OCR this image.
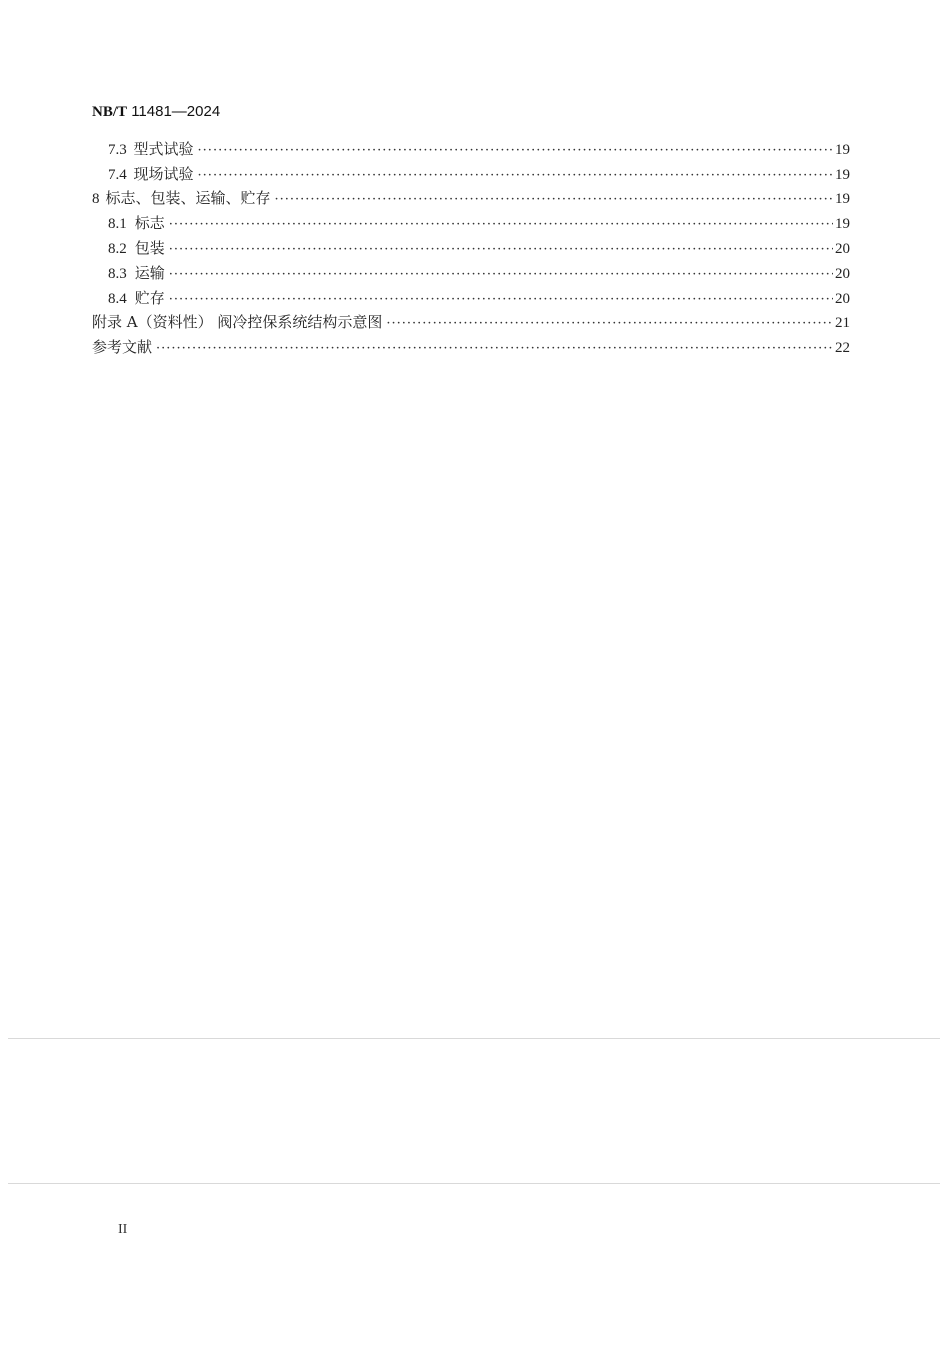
NB/T 11481—2024
7.3 型式试验 ·····	19
7.4 现场试验 ·····	19
8 标志、包装、运输、贮存 ·····	19
8.1 标志 ·····	19
8.2 包装 ·····	20
8.3 运输 ·····	20
8.4 贮存 ·····	20
附录 A（资料性） 阀冷控保系统结构示意图 ·····	21
参考文献 ·····	22
II
